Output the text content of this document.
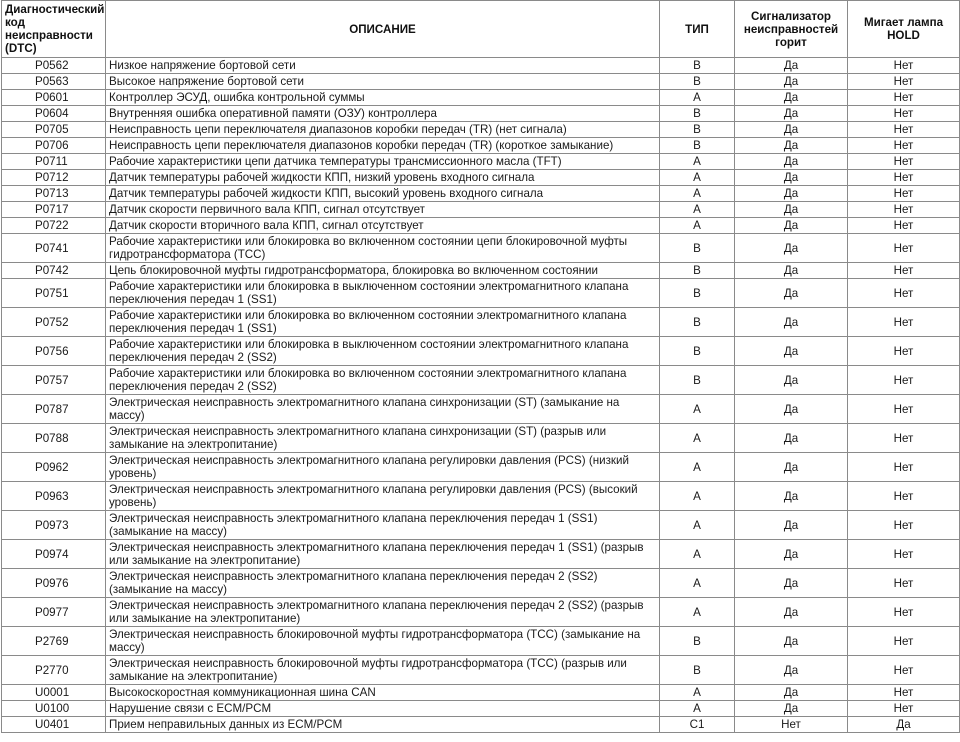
Диагностический код неисправности (DTC)	ОПИСАНИЕ	ТИП	Сигнализатор неисправностей горит	Мигает лампа HOLD
P0562	Низкое напряжение бортовой сети	B	Да	Нет
P0563	Высокое напряжение бортовой сети	B	Да	Нет
P0601	Контроллер ЭСУД, ошибка контрольной суммы	A	Да	Нет
P0604	Внутренняя ошибка оперативной памяти (ОЗУ) контроллера	B	Да	Нет
P0705	Неисправность цепи переключателя диапазонов коробки передач (TR) (нет сигнала)	B	Да	Нет
P0706	Неисправность цепи переключателя диапазонов коробки передач (TR) (короткое замыкание)	B	Да	Нет
P0711	Рабочие характеристики цепи датчика температуры трансмиссионного масла (TFT)	A	Да	Нет
P0712	Датчик температуры рабочей жидкости КПП, низкий уровень входного сигнала	A	Да	Нет
P0713	Датчик температуры рабочей жидкости КПП, высокий уровень входного сигнала	A	Да	Нет
P0717	Датчик скорости первичного вала КПП, сигнал отсутствует	A	Да	Нет
P0722	Датчик скорости вторичного вала КПП, сигнал отсутствует	A	Да	Нет
P0741	Рабочие характеристики или блокировка во включенном состоянии цепи блокировочной муфты гидротрансформатора (TCC)	B	Да	Нет
P0742	Цепь блокировочной муфты гидротрансформатора, блокировка во включенном состоянии	B	Да	Нет
P0751	Рабочие характеристики или блокировка в выключенном состоянии электромагнитного клапана переключения передач 1 (SS1)	B	Да	Нет
P0752	Рабочие характеристики или блокировка во включенном состоянии электромагнитного клапана переключения передач 1 (SS1)	B	Да	Нет
P0756	Рабочие характеристики или блокировка в выключенном состоянии электромагнитного клапана переключения передач 2 (SS2)	B	Да	Нет
P0757	Рабочие характеристики или блокировка во включенном состоянии электромагнитного клапана переключения передач 2 (SS2)	B	Да	Нет
P0787	Электрическая неисправность электромагнитного клапана синхронизации (ST) (замыкание на массу)	A	Да	Нет
P0788	Электрическая неисправность электромагнитного клапана синхронизации (ST) (разрыв или замыкание на электропитание)	A	Да	Нет
P0962	Электрическая неисправность электромагнитного клапана регулировки давления (PCS) (низкий уровень)	A	Да	Нет
P0963	Электрическая неисправность электромагнитного клапана регулировки давления (PCS) (высокий уровень)	A	Да	Нет
P0973	Электрическая неисправность электромагнитного клапана переключения передач 1 (SS1) (замыкание на массу)	A	Да	Нет
P0974	Электрическая неисправность электромагнитного клапана переключения передач 1 (SS1) (разрыв или замыкание на электропитание)	A	Да	Нет
P0976	Электрическая неисправность электромагнитного клапана переключения передач 2 (SS2) (замыкание на массу)	A	Да	Нет
P0977	Электрическая неисправность электромагнитного клапана переключения передач 2 (SS2) (разрыв или замыкание на электропитание)	A	Да	Нет
P2769	Электрическая неисправность блокировочной муфты гидротрансформатора (TCC) (замыкание на массу)	B	Да	Нет
P2770	Электрическая неисправность блокировочной муфты гидротрансформатора (TCC) (разрыв или замыкание на электропитание)	B	Да	Нет
U0001	Высокоскоростная коммуникационная шина CAN	A	Да	Нет
U0100	Нарушение связи с ECM/PCM	A	Да	Нет
U0401	Прием неправильных данных из ECM/PCM	C1	Нет	Да
